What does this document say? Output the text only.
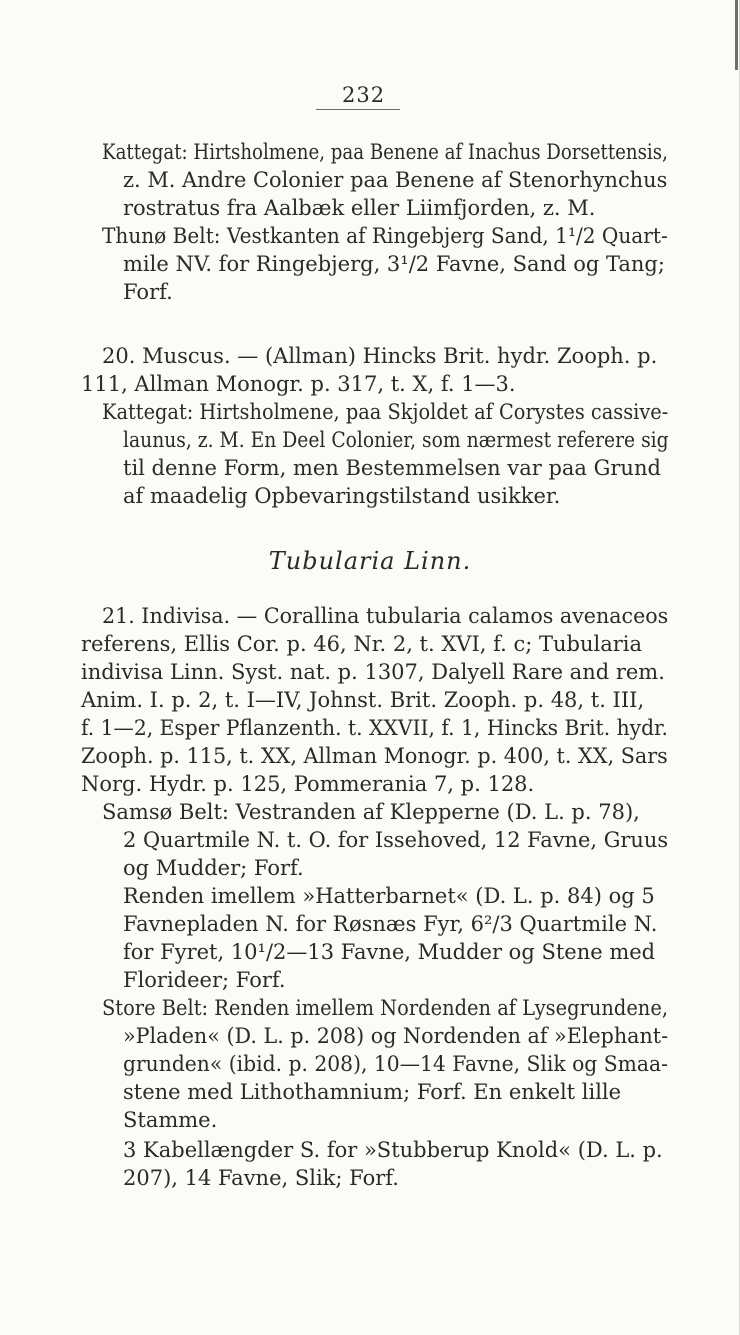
232
Kattegat: Hirtsholmene, paa Benene af Inachus Dorsettensis,
z. M. Andre Colonier paa Benene af Stenorhynchus
rostratus fra Aalbæk eller Liimfjorden, z. M.
Thunø Belt: Vestkanten af Ringebjerg Sand, 1¹/2 Quart-
mile NV. for Ringebjerg, 3¹/2 Favne, Sand og Tang;
Forf.
20. Muscus. — (Allman) Hincks Brit. hydr. Zooph. p.
111, Allman Monogr. p. 317, t. X, f. 1—3.
Kattegat: Hirtsholmene, paa Skjoldet af Corystes cassive-
launus, z. M. En Deel Colonier, som nærmest referere sig
til denne Form, men Bestemmelsen var paa Grund
af maadelig Opbevaringstilstand usikker.
Tubularia Linn.
21. Indivisa. — Corallina tubularia calamos avenaceos
referens, Ellis Cor. p. 46, Nr. 2, t. XVI, f. c; Tubularia
indivisa Linn. Syst. nat. p. 1307, Dalyell Rare and rem.
Anim. I. p. 2, t. I—IV, Johnst. Brit. Zooph. p. 48, t. III,
f. 1—2, Esper Pflanzenth. t. XXVII, f. 1, Hincks Brit. hydr.
Zooph. p. 115, t. XX, Allman Monogr. p. 400, t. XX, Sars
Norg. Hydr. p. 125, Pommerania 7, p. 128.
Samsø Belt: Vestranden af Klepperne (D. L. p. 78),
2 Quartmile N. t. O. for Issehoved, 12 Favne, Gruus
og Mudder; Forf.
Renden imellem »Hatterbarnet« (D. L. p. 84) og 5
Favnepladen N. for Røsnæs Fyr, 6²/3 Quartmile N.
for Fyret, 10¹/2—13 Favne, Mudder og Stene med
Florideer; Forf.
Store Belt: Renden imellem Nordenden af Lysegrundene,
»Pladen« (D. L. p. 208) og Nordenden af »Elephant-
grunden« (ibid. p. 208), 10—14 Favne, Slik og Smaa-
stene med Lithothamnium; Forf. En enkelt lille
Stamme.
3 Kabellængder S. for »Stubberup Knold« (D. L. p.
207), 14 Favne, Slik; Forf.
